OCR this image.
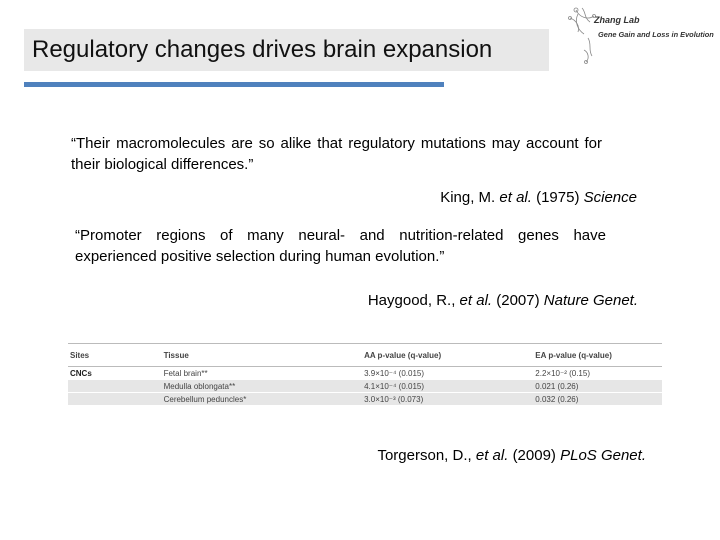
Regulatory changes drives brain expansion
Zhang Lab
Gene Gain and Loss in Evolution
“Their macromolecules are so alike that regulatory mutations may account for their biological differences.”
King, M. et al. (1975) Science
“Promoter regions of many neural- and nutrition-related genes have experienced positive selection during human evolution.”
Haygood, R., et al. (2007) Nature Genet.
Sites	Tissue	AA p-value (q-value)	EA p-value (q-value)
CNCs	Fetal brain**	3.9×10⁻⁴ (0.015)	2.2×10⁻² (0.15)
	Medulla oblongata**	4.1×10⁻⁴ (0.015)	0.021 (0.26)
	Cerebellum peduncles*	3.0×10⁻³ (0.073)	0.032 (0.26)
Torgerson, D., et al. (2009) PLoS Genet.
